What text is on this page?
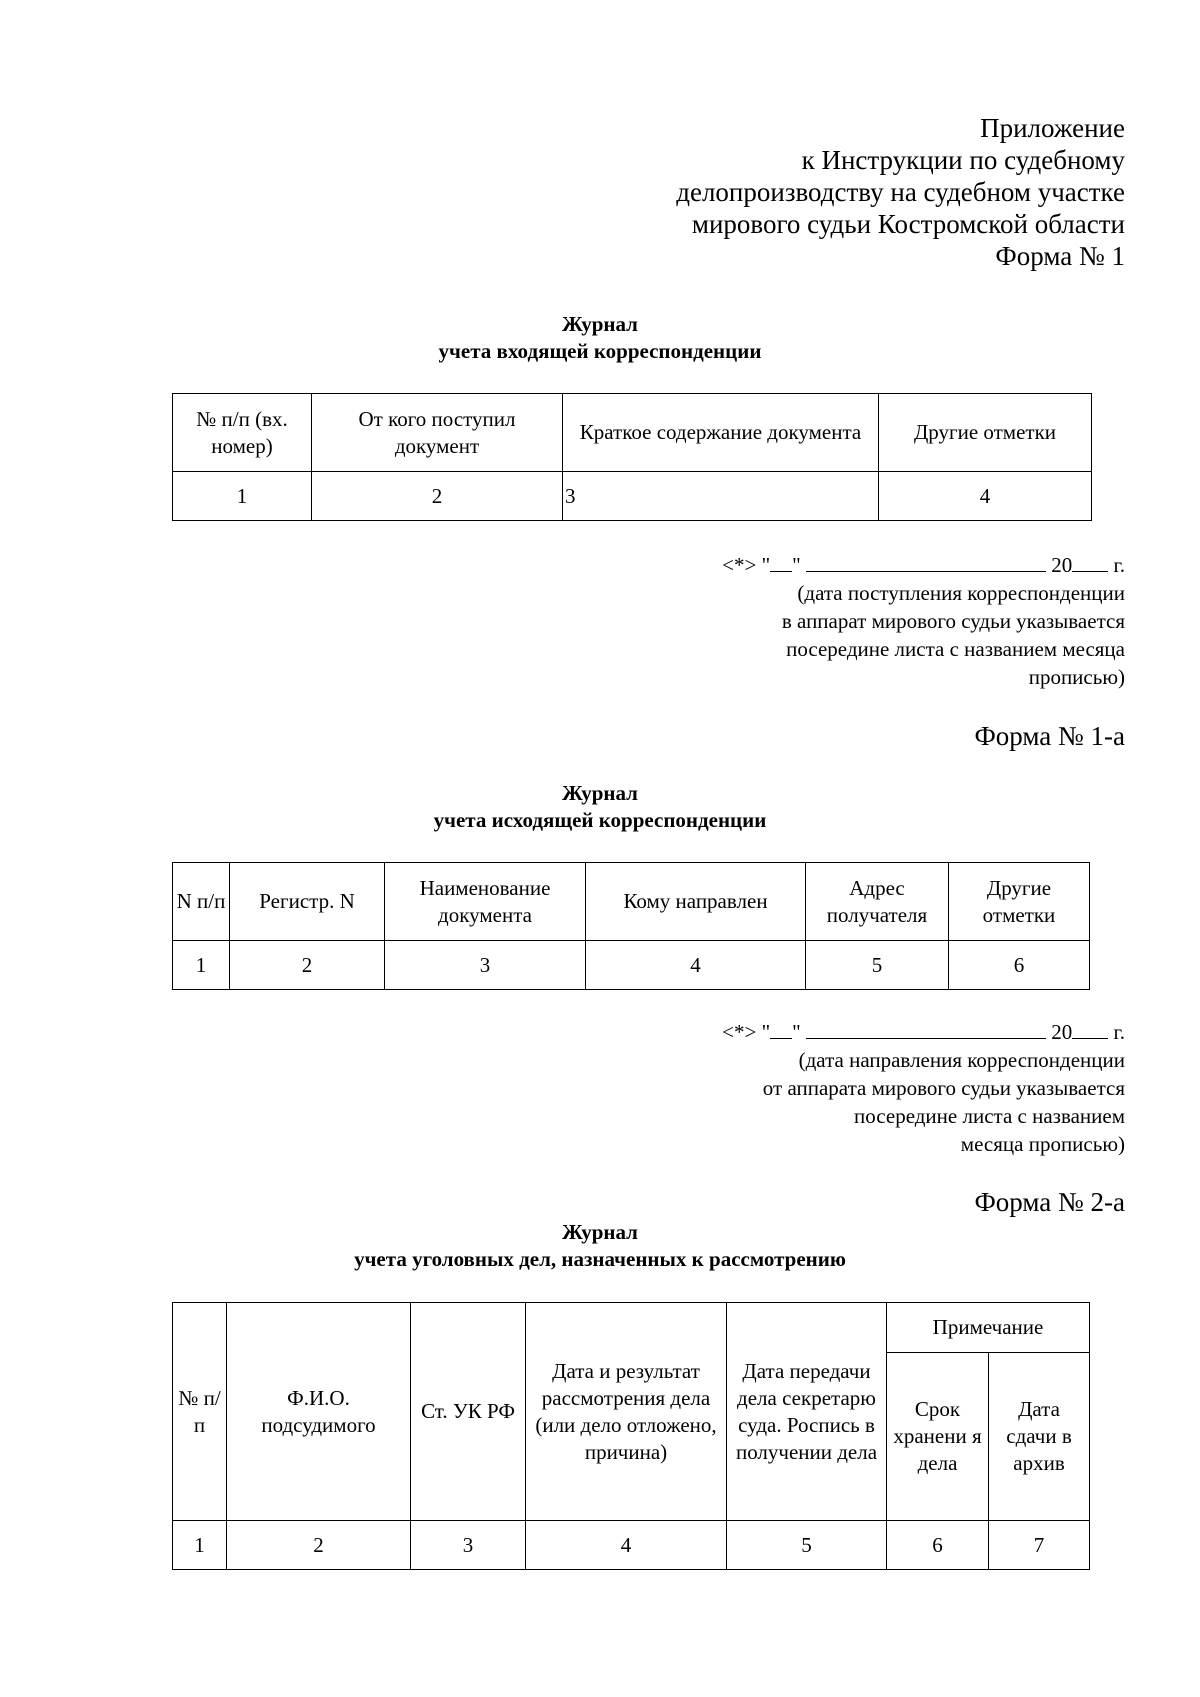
Приложение
к Инструкции по судебному
делопроизводству на судебном участке
мирового судьи Костромской области
Форма № 1
Журнал
учета входящей корреспонденции
№ п/п (вх. номер)	От кого поступил документ	Краткое содержание документа	Другие отметки
1	2	3	4
<*> " "	20 г.
(дата поступления корреспонденции
в аппарат мирового судьи указывается
посередине листа с названием месяца
прописью)
Форма № 1-а
Журнал
учета исходящей корреспонденции
N п/п	Регистр. N	Наименование документа	Кому направлен	Адрес получателя	Другие отметки
1	2	3	4	5	6
<*> " "	20 г.
(дата направления корреспонденции
от аппарата мирового судьи указывается
посередине листа с названием
месяца прописью)
Форма № 2-а
Журнал
учета уголовных дел, назначенных к рассмотрению
№ п/п	Ф.И.О. подсудимого	Ст. УК РФ	Дата и результат рассмотрения дела (или дело отложено, причина)	Дата передачи дела секретарю суда. Роспись в получении дела	Примечание	
					Срок хранени я дела	Дата сдачи в архив
1	2	3	4	5	6	7
